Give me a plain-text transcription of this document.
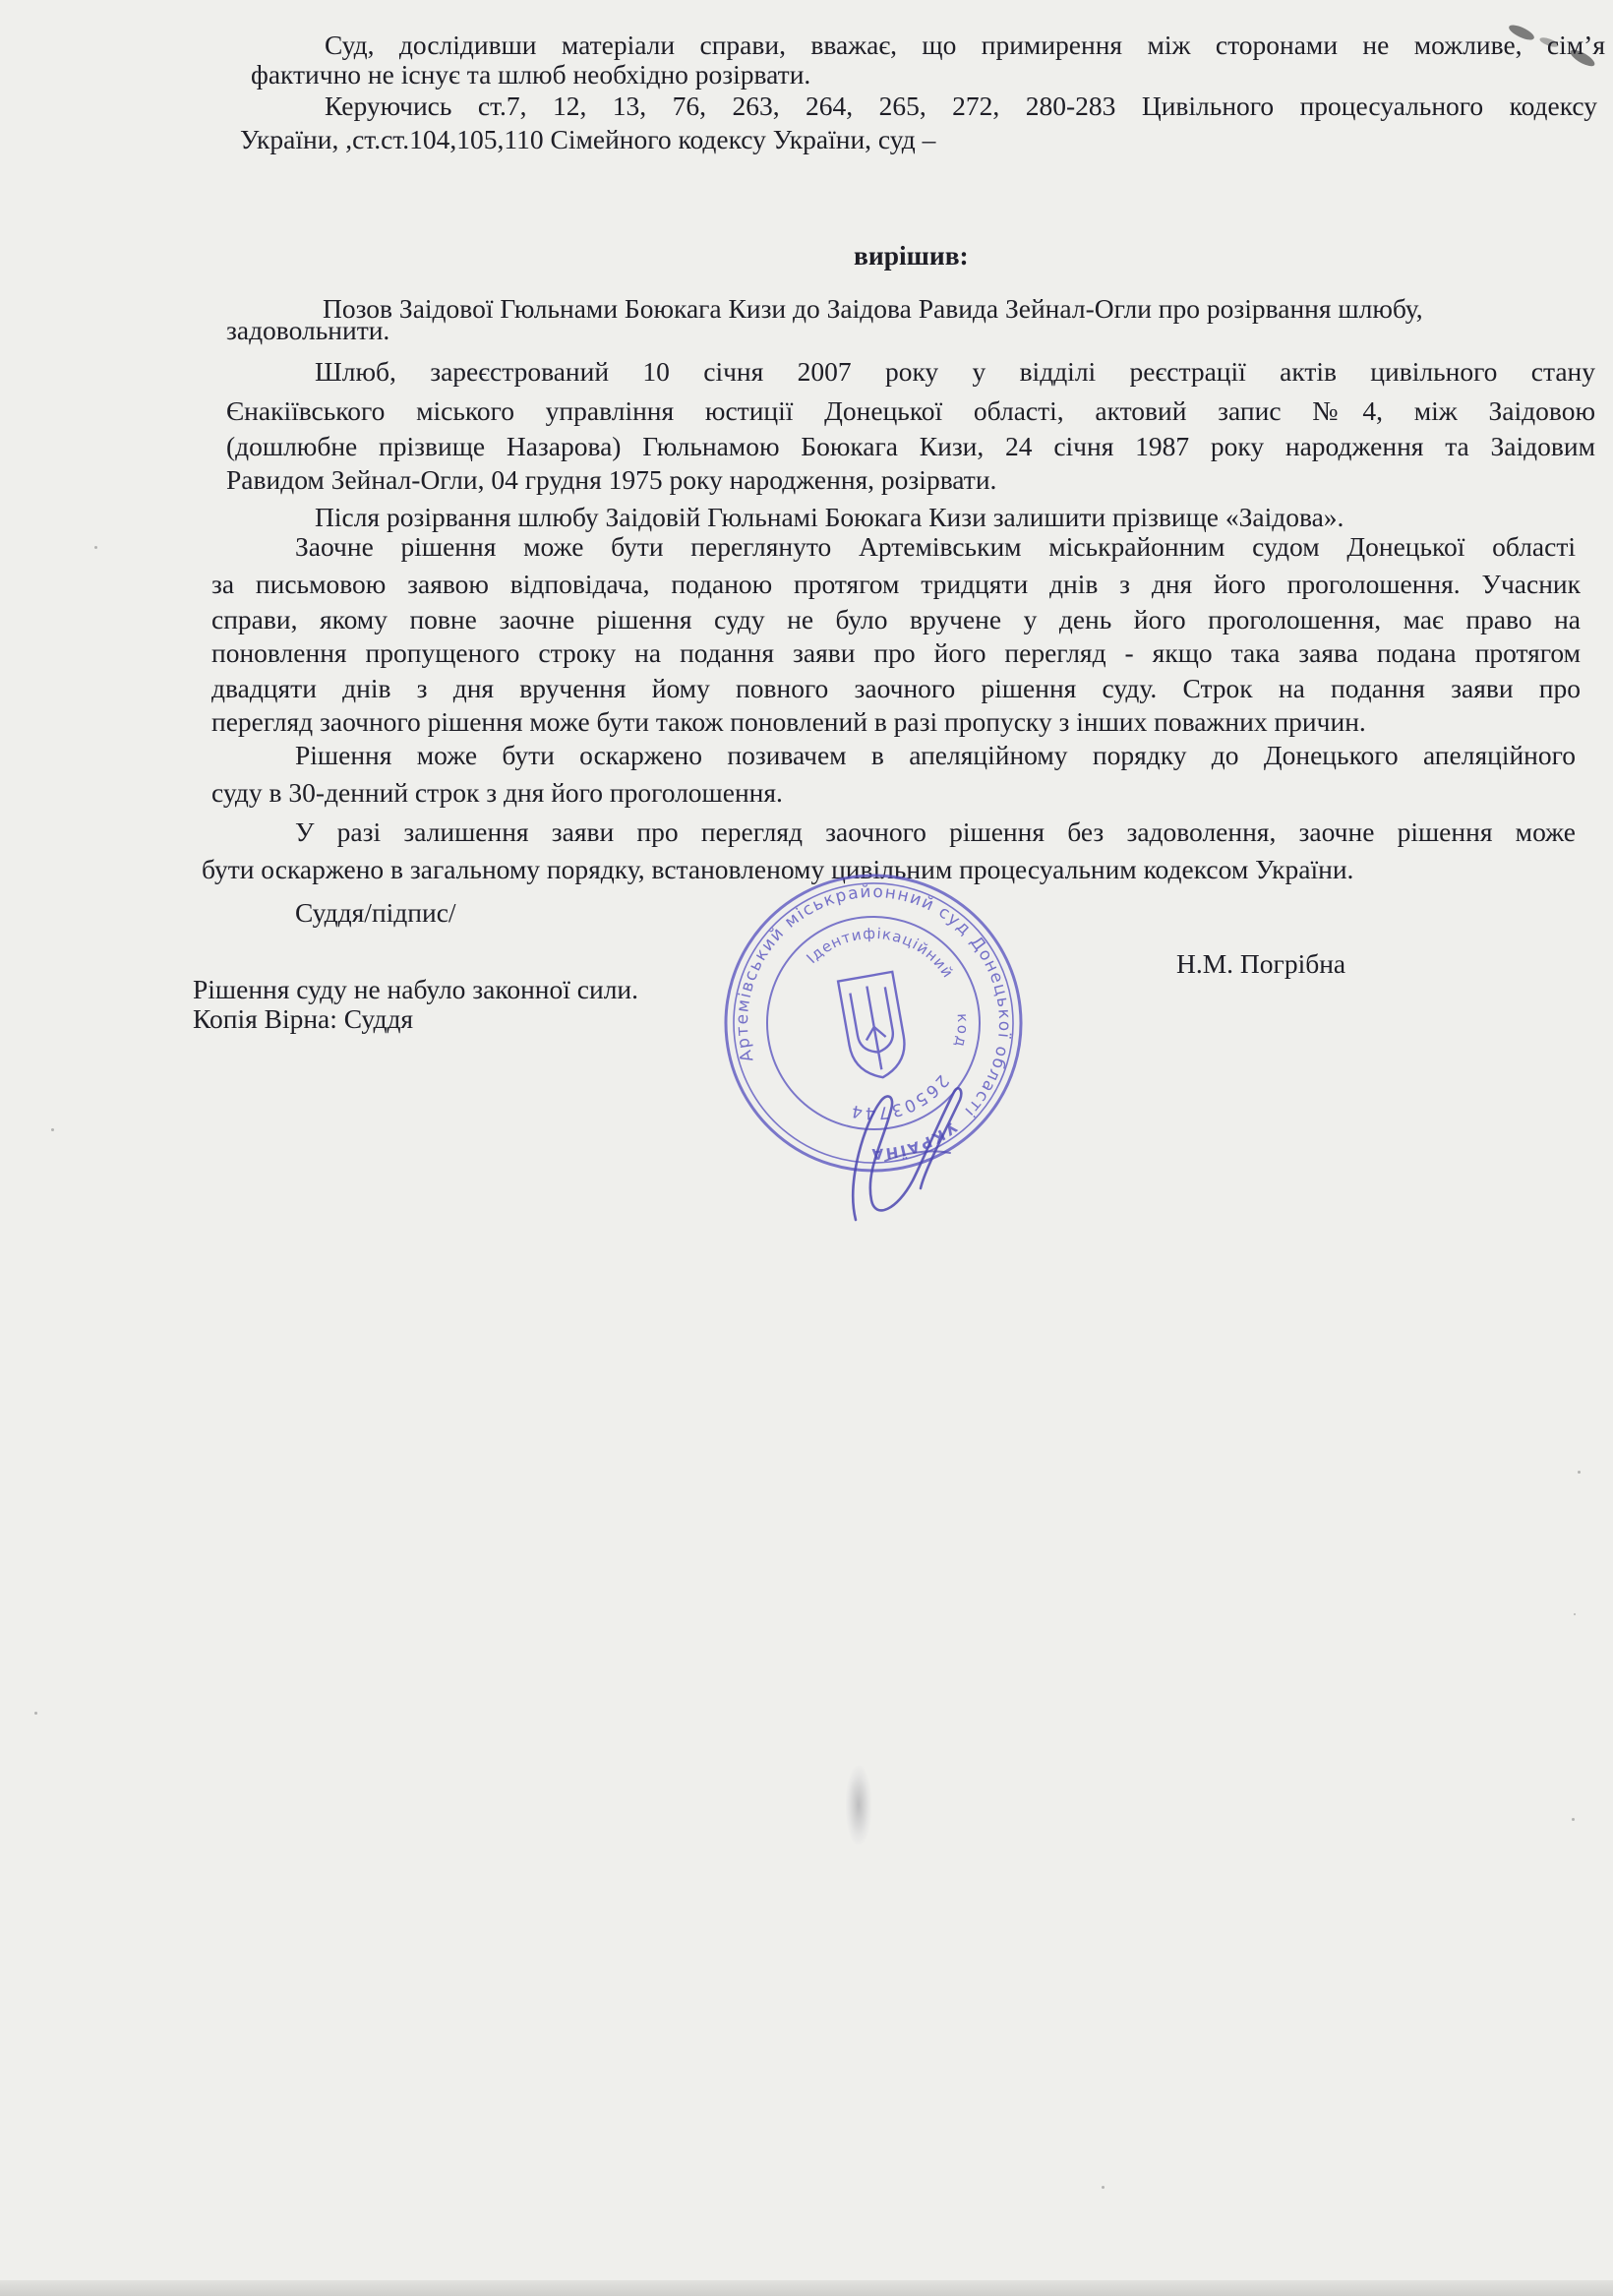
Суд, дослідивши матеріали справи, вважає, що примирення між сторонами не можливе, сім’я
фактично не існує та шлюб необхідно розірвати.
Керуючись ст.7, 12, 13, 76, 263, 264, 265, 272, 280-283 Цивільного процесуального кодексу
України, ,ст.ст.104,105,110 Сімейного кодексу України, суд –
вирішив:
Позов Заідової Гюльнами Боюкага Кизи до Заідова Равида Зейнал-Огли про розірвання шлюбу,
задовольнити.
Шлюб, зареєстрований 10 січня 2007 року у відділі реєстрації актів цивільного стану
Єнакіївського міського управління юстиції Донецької області, актовий запис №4, між Заідовою
(дошлюбне прізвище Назарова) Гюльнамою Боюкага Кизи, 24 січня 1987 року народження та Заідовим
Равидом Зейнал-Огли, 04 грудня 1975 року народження, розірвати.
Після розірвання шлюбу Заідовій Гюльнамі Боюкага Кизи залишити прізвище «Заідова».
Заочне рішення може бути переглянуто Артемівським міськрайонним судом Донецької області
за письмовою заявою відповідача, поданою протягом тридцяти днів з дня його проголошення. Учасник
справи, якому повне заочне рішення суду не було вручене у день його проголошення, має право на
поновлення пропущеного строку на подання заяви про його перегляд - якщо така заява подана протягом
двадцяти днів з дня вручення йому повного заочного рішення суду. Строк на подання заяви про
перегляд заочного рішення може бути також поновлений в разі пропуску з інших поважних причин.
Рішення може бути оскаржено позивачем в апеляційному порядку до Донецького апеляційного
суду в 30-денний строк з дня його проголошення.
У разі залишення заяви про перегляд заочного рішення без задоволення, заочне рішення може
бути оскаржено в загальному порядку, встановленому цивільним процесуальним кодексом України.
Суддя/підпис/
Н.М. Погрібна
Рішення суду не набуло законної сили.
Копія Вірна: Суддя
Артемівський міськрайонний суд Донецької області
УКРАЇНА
Ідентифікаційний
код
26503744
